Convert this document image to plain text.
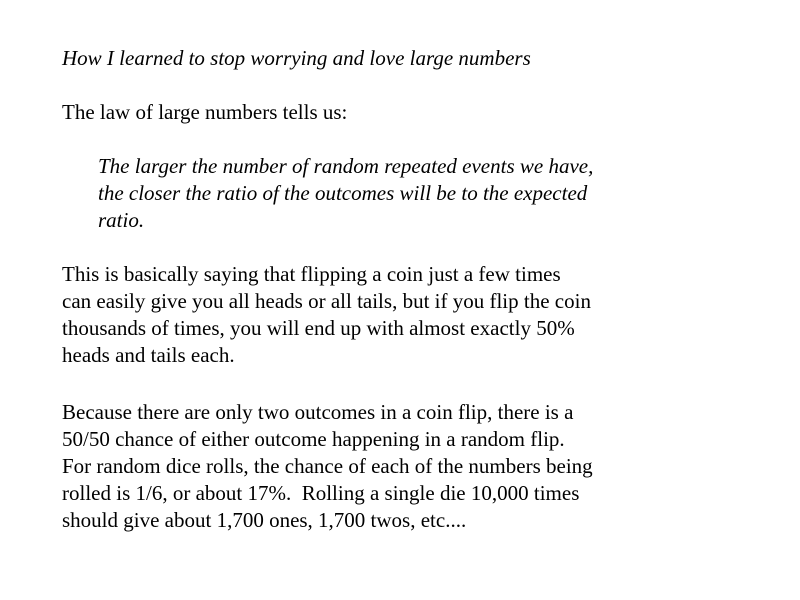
How I learned to stop worrying and love large numbers

The law of large numbers tells us:

The larger the number of random repeated events we have,
the closer the ratio of the outcomes will be to the expected
ratio.

This is basically saying that flipping a coin just a few times
can easily give you all heads or all tails, but if you flip the coin
thousands of times, you will end up with almost exactly 50%
heads and tails each.

Because there are only two outcomes in a coin flip, there is a
50/50 chance of either outcome happening in a random flip.
For random dice rolls, the chance of each of the numbers being
rolled is 1/6, or about 17%.  Rolling a single die 10,000 times
should give about 1,700 ones, 1,700 twos, etc....
